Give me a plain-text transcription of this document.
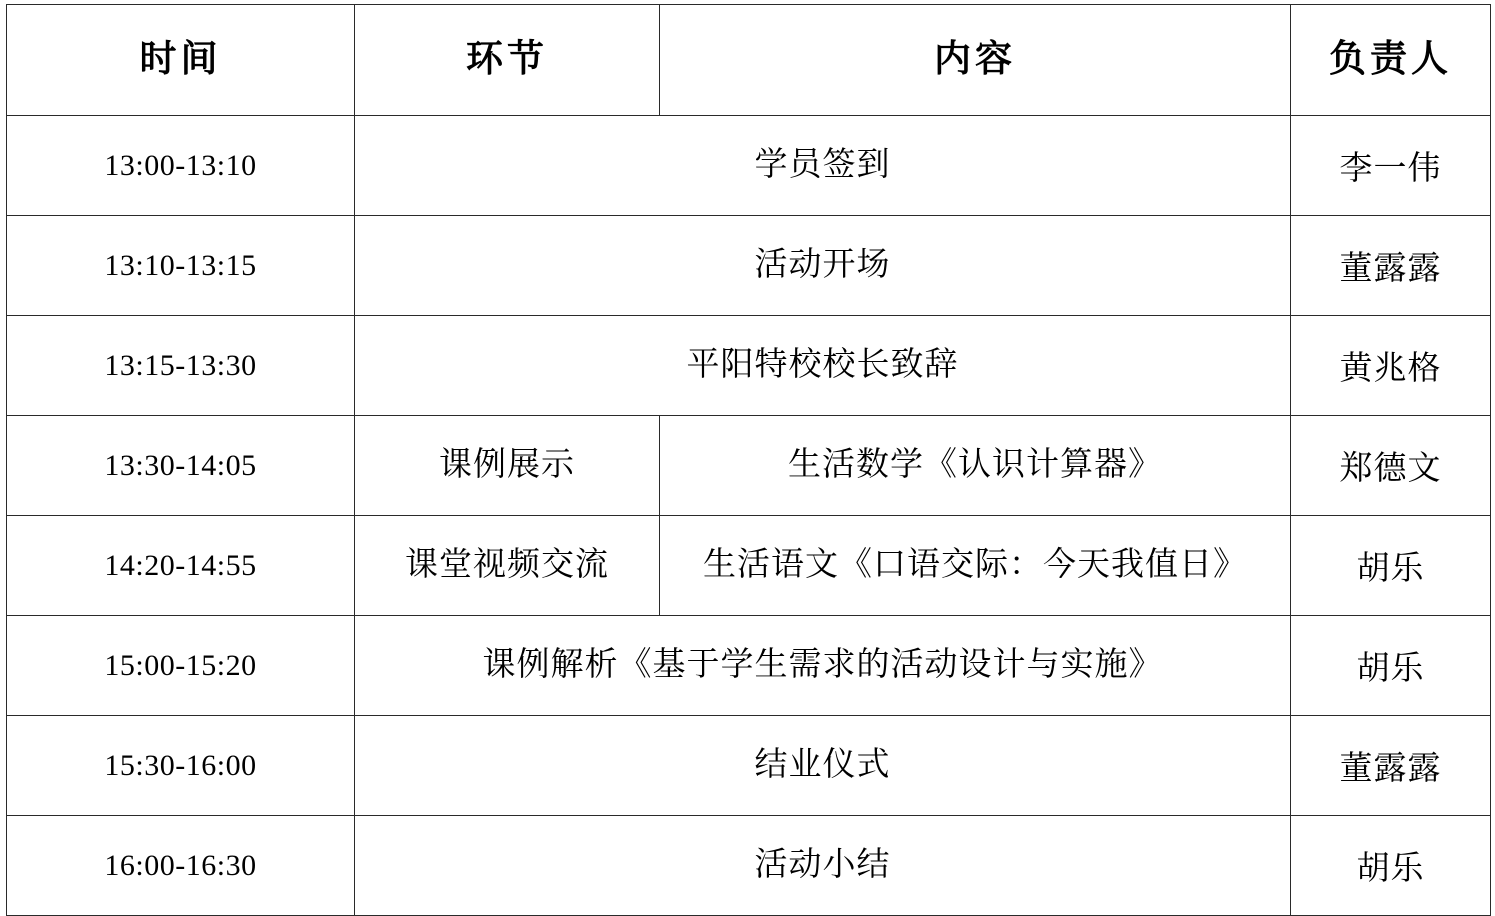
时间	环节	内容	负责人

13:00-13:10	学员签到		李一伟

13:10-13:15	活动开场		董露露

13:15-13:30	平阳特校校长致辞		黄兆格

13:30-14:05	课例展示	生活数学《认识计算器》	郑德文

14:20-14:55	课堂视频交流	生活语文《口语交际：今天我值日》	胡乐

15:00-15:20	课例解析《基于学生需求的活动设计与实施》		胡乐

15:30-16:00	结业仪式		董露露

16:00-16:30	活动小结		胡乐
